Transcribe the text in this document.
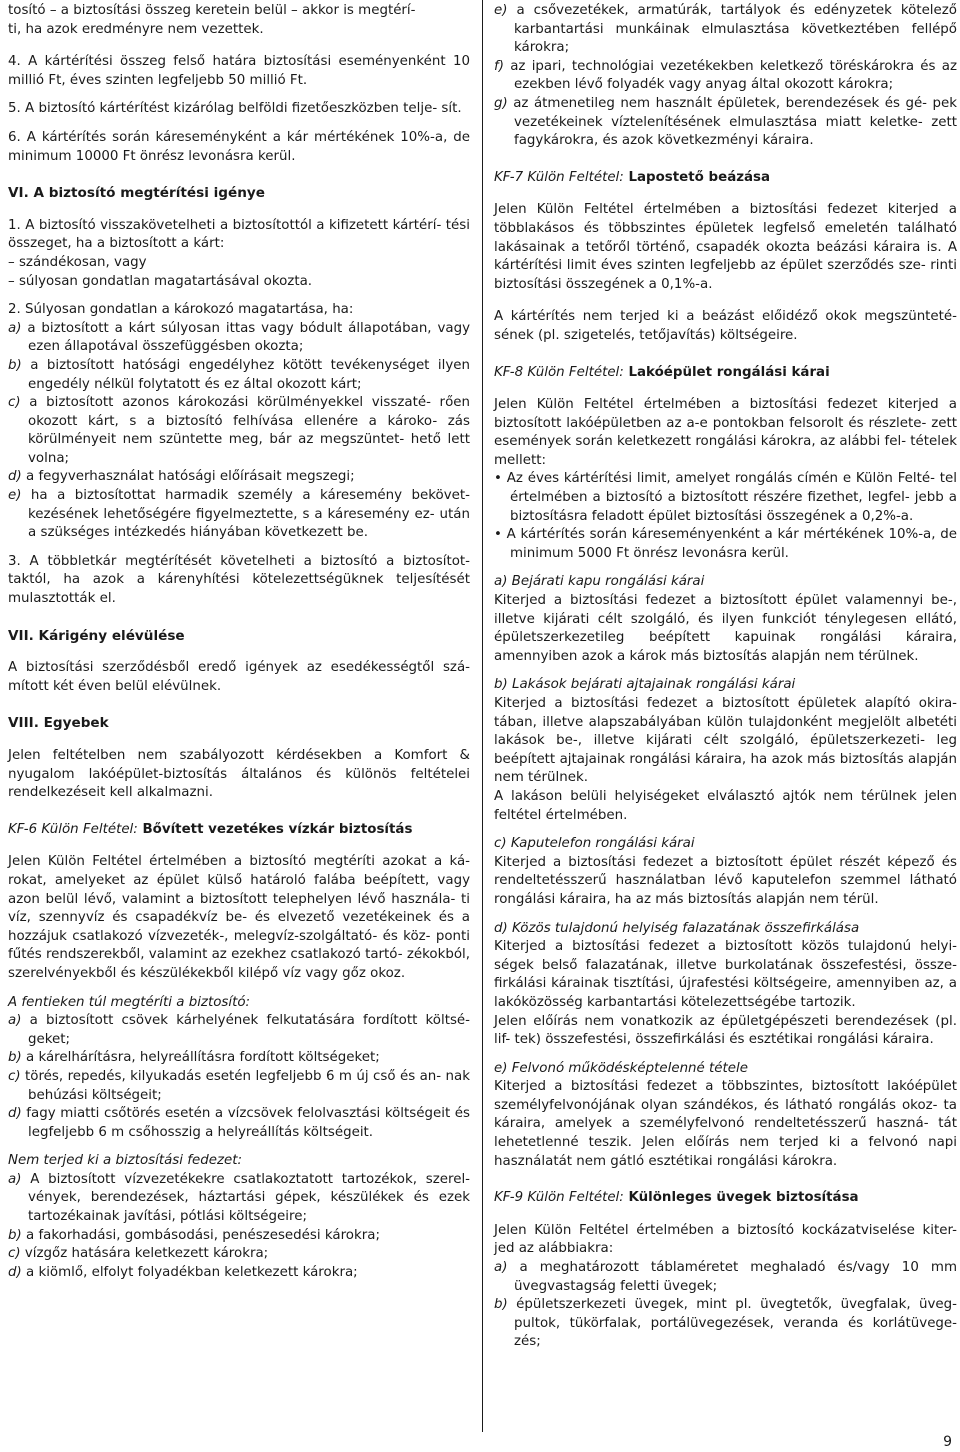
tosító – a biztosítási összeg keretein belül – akkor is megtérí-

ti, ha azok eredményre nem vezettek.

4. A kártérítési összeg felső határa biztosítási eseményenként 10 millió Ft, éves szinten legfeljebb 50 millió Ft.

5. A biztosító kártérítést kizárólag belföldi fizetőeszközben telje- sít.

6. A kártérítés során káreseményként a kár mértékének 10%-a, de minimum 10000 Ft önrész levonásra kerül.

VI. A biztosító megtérítési igénye

1. A biztosító visszakövetelheti a biztosítottól a kifizetett kártérí- tési összeget, ha a biztosított a kárt:

– szándékosan, vagy

– súlyosan gondatlan magatartásával okozta.

2. Súlyosan gondatlan a károkozó magatartása, ha:

a) a biztosított a kárt súlyosan ittas vagy bódult állapotában, vagy ezen állapotával összefüggésben okozta;

b) a biztosított hatósági engedélyhez kötött tevékenységet ilyen engedély nélkül folytatott és ez által okozott kárt;

c) a biztosított azonos károkozási körülményekkel visszaté- rően okozott kárt, s a biztosító felhívása ellenére a károko- zás körülményeit nem szüntette meg, bár az megszüntet- hető lett volna;

d) a fegyverhasználat hatósági előírásait megszegi;

e) ha a biztosítottat harmadik személy a káresemény bekövet- kezésének lehetőségére figyelmeztette, s a káresemény ez- után a szükséges intézkedés hiányában következett be.

3. A többletkár megtérítését követelheti a biztosító a biztosítot- taktól, ha azok a kárenyhítési kötelezettségüknek teljesítését mulasztották el.

VII. Kárigény elévülése

A biztosítási szerződésből eredő igények az esedékességtől szá- mított két éven belül elévülnek.

VIII. Egyebek

Jelen feltételben nem szabályozott kérdésekben a Komfort & nyugalom lakóépület-biztosítás általános és különös feltételei rendelkezéseit kell alkalmazni.

KF-6 Külön Feltétel: Bővített vezetékes vízkár biztosítás

Jelen Külön Feltétel értelmében a biztosító megtéríti azokat a ká- rokat, amelyeket az épület külső határoló falába beépített, vagy azon belül lévő, valamint a biztosított telephelyen lévő használa- ti víz, szennyvíz és csapadékvíz be- és elvezető vezetékeinek és a hozzájuk csatlakozó vízvezeték-, melegvíz-szolgáltató- és köz- ponti fűtés rendszerekből, valamint az ezekhez csatlakozó tartó- zékokból, szerelvényekből és készülékekből kilépő víz vagy gőz okoz.

A fentieken túl megtéríti a biztosító:

a) a biztosított csövek kárhelyének felkutatására fordított költsé- geket;

b) a kárelhárításra, helyreállításra fordított költségeket;

c) törés, repedés, kilyukadás esetén legfeljebb 6 m új cső és an- nak behúzási költségeit;

d) fagy miatti csőtörés esetén a vízcsövek felolvasztási költségeit és legfeljebb 6 m csőhosszig a helyreállítás költségeit.

Nem terjed ki a biztosítási fedezet:

a) A biztosított vízvezetékekre csatlakoztatott tartozékok, szerel- vények, berendezések, háztartási gépek, készülékek és ezek tartozékainak javítási, pótlási költségeire;

b) a fakorhadási, gombásodási, penészesedési károkra;

c) vízgőz hatására keletkezett károkra;

d) a kiömlő, elfolyt folyadékban keletkezett károkra;

e) a csővezetékek, armatúrák, tartályok és edényzetek kötelező karbantartási munkáinak elmulasztása következtében fellépő károkra;

f) az ipari, technológiai vezetékekben keletkező töréskárokra és az ezekben lévő folyadék vagy anyag által okozott károkra;

g) az átmenetileg nem használt épületek, berendezések és gé- pek vezetékeinek víztelenítésének elmulasztása miatt keletke- zett fagykárokra, és azok következményi káraira.

KF-7 Külön Feltétel: Lapostető beázása

Jelen Külön Feltétel értelmében a biztosítási fedezet kiterjed a többlakásos és többszintes épületek legfelső emeletén található lakásainak a tetőről történő, csapadék okozta beázási káraira is. A kártérítési limit éves szinten legfeljebb az épület szerződés sze- rinti biztosítási összegének a 0,1%-a.

A kártérítés nem terjed ki a beázást előidéző okok megszünteté- sének (pl. szigetelés, tetőjavítás) költségeire.

KF-8 Külön Feltétel: Lakóépület rongálási kárai

Jelen Külön Feltétel értelmében a biztosítási fedezet kiterjed a biztosított lakóépületben az a-e pontokban felsorolt és részlete- zett események során keletkezett rongálási károkra, az alábbi fel- tételek mellett:

• Az éves kártérítési limit, amelyet rongálás címén e Külön Felté- tel értelmében a biztosító a biztosított részére fizethet, legfel- jebb a biztosításra feladott épület biztosítási összegének a 0,2%-a.

• A kártérítés során káreseményenként a kár mértékének 10%-a, de minimum 5000 Ft önrész levonásra kerül.

a) Bejárati kapu rongálási kárai

Kiterjed a biztosítási fedezet a biztosított épület valamennyi be-, illetve kijárati célt szolgáló, és ilyen funkciót ténylegesen ellátó, épületszerkezetileg beépített kapuinak rongálási káraira, amennyiben azok a károk más biztosítás alapján nem térülnek.

b) Lakások bejárati ajtajainak rongálási kárai

Kiterjed a biztosítási fedezet a biztosított épületek alapító okira- tában, illetve alapszabályában külön tulajdonként megjelölt albetéti lakások be-, illetve kijárati célt szolgáló, épületszerkezeti- leg beépített ajtajainak rongálási káraira, ha azok más biztosítás alapján nem térülnek.

A lakáson belüli helyiségeket elválasztó ajtók nem térülnek jelen feltétel értelmében.

c) Kaputelefon rongálási kárai

Kiterjed a biztosítási fedezet a biztosított épület részét képező és rendeltetésszerű használatban lévő kaputelefon szemmel látható rongálási káraira, ha az más biztosítás alapján nem térül.

d) Közös tulajdonú helyiség falazatának összefirkálása

Kiterjed a biztosítási fedezet a biztosított közös tulajdonú helyi- ségek belső falazatának, illetve burkolatának összefestési, össze- firkálási kárainak tisztítási, újrafestési költségeire, amennyiben az, a lakóközösség karbantartási kötelezettségébe tartozik.

Jelen előírás nem vonatkozik az épületgépészeti berendezések (pl. lif- tek) összefestési, összefirkálási és esztétikai rongálási káraira.

e) Felvonó működésképtelenné tétele

Kiterjed a biztosítási fedezet a többszintes, biztosított lakóépület személyfelvonójának olyan szándékos, és látható rongálás okoz- ta káraira, amelyek a személyfelvonó rendeltetésszerű haszná- tát lehetetlenné teszik. Jelen előírás nem terjed ki a felvonó napi használatát nem gátló esztétikai rongálási károkra.

KF-9 Külön Feltétel: Különleges üvegek biztosítása

Jelen Külön Feltétel értelmében a biztosító kockázatviselése kiter- jed az alábbiakra:

a) a meghatározott táblaméretet meghaladó és/vagy 10 mm üvegvastagság feletti üvegek;

b) épületszerkezeti üvegek, mint pl. üvegtetők, üvegfalak, üveg- pultok, tükörfalak, portálüvegezések, veranda és korlátüvege- zés;

9
